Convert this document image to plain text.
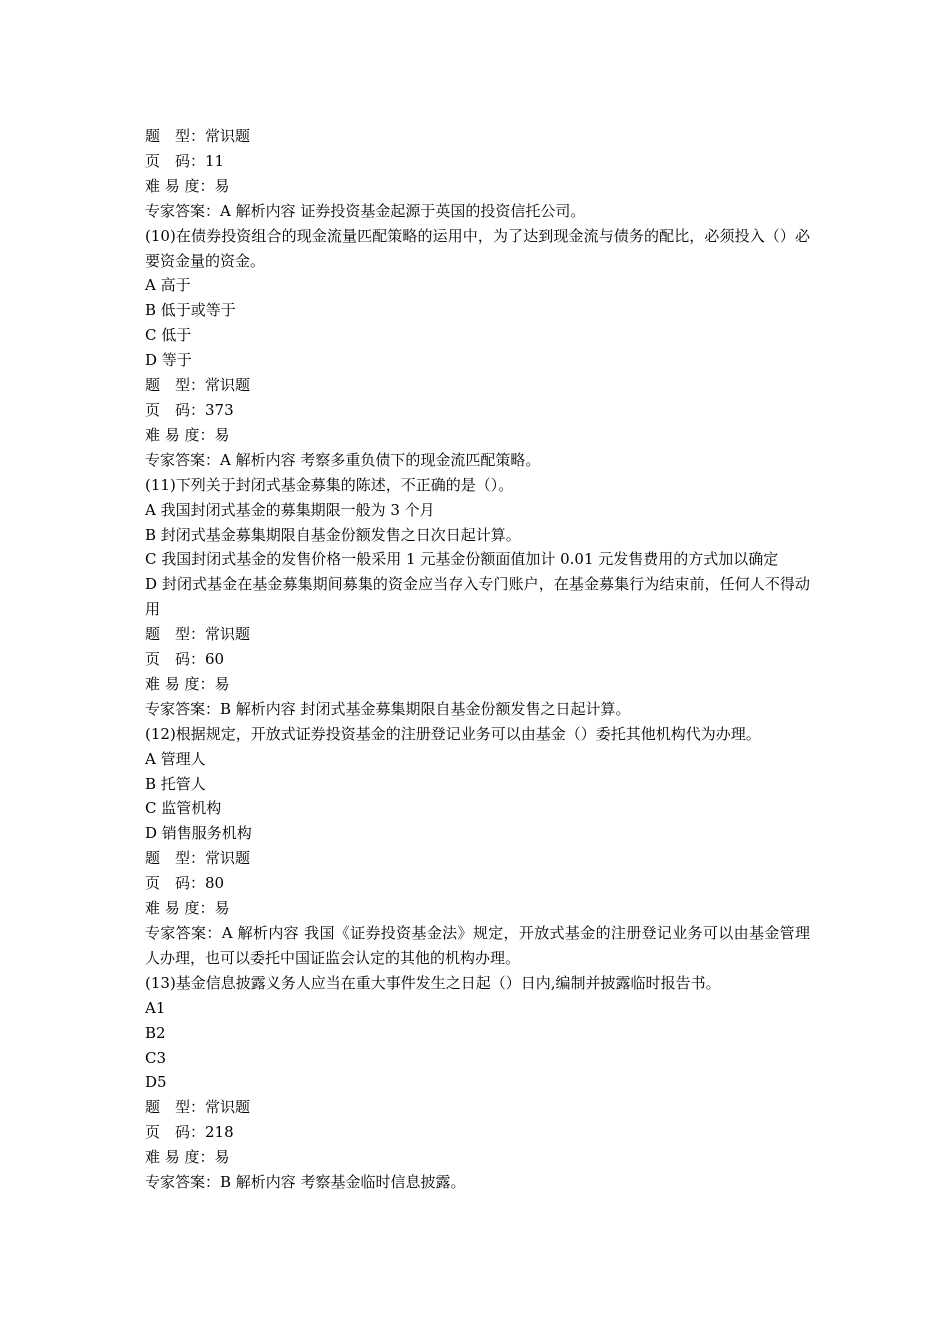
题　型：常识题

页　码：11

难 易 度：易

专家答案：A 解析内容 证券投资基金起源于英国的投资信托公司。

(10)在债券投资组合的现金流量匹配策略的运用中，为了达到现金流与债务的配比，必须投入（）必要资金量的资金。

A 高于

B 低于或等于

C 低于

D 等于

题　型：常识题

页　码：373

难 易 度：易

专家答案：A 解析内容 考察多重负债下的现金流匹配策略。

(11)下列关于封闭式基金募集的陈述，不正确的是（）。

A 我国封闭式基金的募集期限一般为 3 个月

B 封闭式基金募集期限自基金份额发售之日次日起计算。

C 我国封闭式基金的发售价格一般采用 1 元基金份额面值加计 0.01 元发售费用的方式加以确定

D 封闭式基金在基金募集期间募集的资金应当存入专门账户，在基金募集行为结束前，任何人不得动用

题　型：常识题

页　码：60

难 易 度：易

专家答案：B 解析内容 封闭式基金募集期限自基金份额发售之日起计算。

(12)根据规定，开放式证券投资基金的注册登记业务可以由基金（）委托其他机构代为办理。

A 管理人

B 托管人

C 监管机构

D 销售服务机构

题　型：常识题

页　码：80

难 易 度：易

专家答案：A 解析内容 我国《证券投资基金法》规定，开放式基金的注册登记业务可以由基金管理人办理，也可以委托中国证监会认定的其他的机构办理。

(13)基金信息披露义务人应当在重大事件发生之日起（）日内,编制并披露临时报告书。

A1

B2

C3

D5

题　型：常识题

页　码：218

难 易 度：易

专家答案：B 解析内容 考察基金临时信息披露。
